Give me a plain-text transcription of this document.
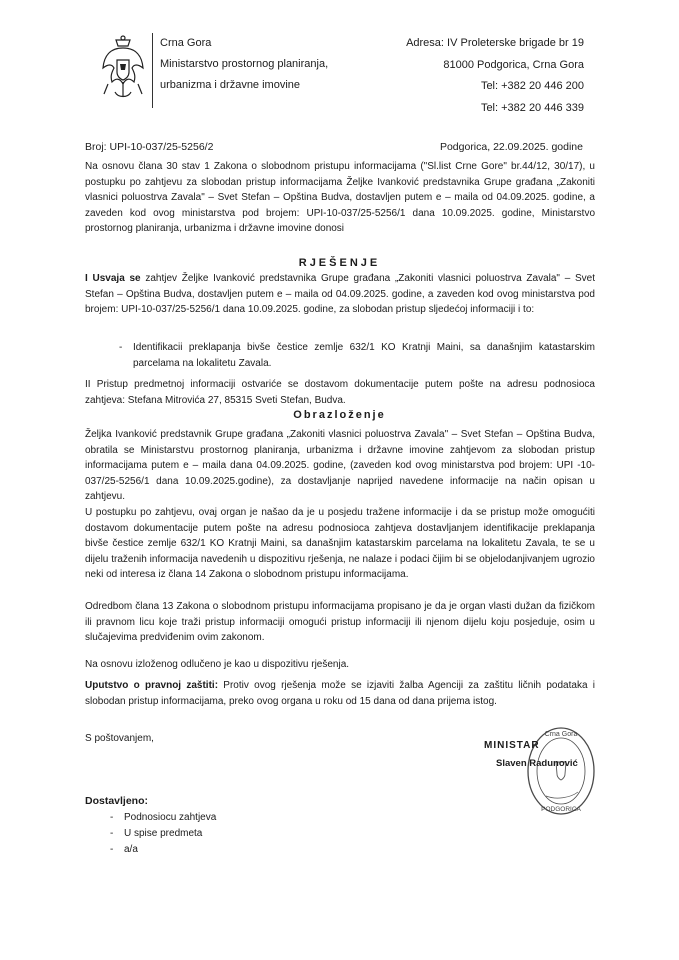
Crna Gora
Ministarstvo prostornog planiranja,
urbanizma i državne imovine
Adresa: IV Proleterske brigade br 19
81000 Podgorica, Crna Gora
Tel: +382 20 446 200
Tel: +382 20 446 339
Broj: UPI-10-037/25-5256/2	Podgorica, 22.09.2025. godine
Na osnovu člana 30 stav 1 Zakona o slobodnom pristupu informacijama ("Sl.list Crne Gore" br.44/12, 30/17), u postupku po zahtjevu za slobodan pristup informacijama Željke Ivanković predstavnika Grupe građana „Zakoniti vlasnici poluostrva Zavala" – Svet Stefan – Opština Budva, dostavljen putem e – maila od 04.09.2025. godine, a zaveden kod ovog ministarstva pod brojem: UPI-10-037/25-5256/1 dana 10.09.2025. godine, Ministarstvo prostornog planiranja, urbanizma i državne imovine donosi
RJEŠENJE
I Usvaja se zahtjev Željke Ivanković predstavnika Grupe građana „Zakoniti vlasnici poluostrva Zavala" – Svet Stefan – Opština Budva, dostavljen putem e – maila od 04.09.2025. godine, a zaveden kod ovog ministarstva pod brojem: UPI-10-037/25-5256/1 dana 10.09.2025. godine, za slobodan pristup sljedećoj informaciji i to:
- Identifikacii preklapanja bivše čestice zemlje 632/1 KO Kratnji Maini, sa današnjim katastarskim parcelama na lokalitetu Zavala.
II Pristup predmetnoj informaciji ostvariće se dostavom dokumentacije putem pošte na adresu podnosioca zahtjeva: Stefana Mitrovića 27, 85315 Sveti Stefan, Budva.
Obrazloženje
Željka Ivanković predstavnik Grupe građana „Zakoniti vlasnici poluostrva Zavala" – Svet Stefan – Opština Budva, obratila se Ministarstvu prostornog planiranja, urbanizma i državne imovine zahtjevom za slobodan pristup informacijama putem e – maila dana 04.09.2025. godine, (zaveden kod ovog ministarstva pod brojem: UPI -10-037/25-5256/1 dana 10.09.2025.godine), za dostavljanje naprijed navedene informacije na način opisan u zahtjevu.
U postupku po zahtjevu, ovaj organ je našao da je u posjedu tražene informacije i da se pristup može omogućiti dostavom dokumentacije putem pošte na adresu podnosioca zahtjeva dostavljanjem identifikacije preklapanja bivše čestice zemlje 632/1 KO Kratnji Maini, sa današnjim katastarskim parcelama na lokalitetu Zavala, te se u dijelu traženih informacija navedenih u dispozitivu rješenja, ne nalaze i podaci čijim bi se objelodanjivanjem ugrozio neki od interesa iz člana 14 Zakona o slobodnom pristupu informacijama.
Odredbom člana 13 Zakona o slobodnom pristupu informacijama propisano je da je organ vlasti dužan da fizičkom ili pravnom licu koje traži pristup informaciji omogući pristup informaciji ili njenom dijelu koju posjeduje, osim u slučajevima predviđenim ovim zakonom.
Na osnovu izloženog odlučeno je kao u dispozitivu rješenja.
Uputstvo o pravnoj zaštiti: Protiv ovog rješenja može se izjaviti žalba Agenciji za zaštitu ličnih podataka i slobodan pristup informacijama, preko ovog organa u roku od 15 dana od dana prijema istog.
S poštovanjem,	Crna Gora
PODGORICA
MINISTAR
Slaven Radunović
Dostavljeno:
- Podnosiocu zahtjeva
- U spise predmeta
- a/a
